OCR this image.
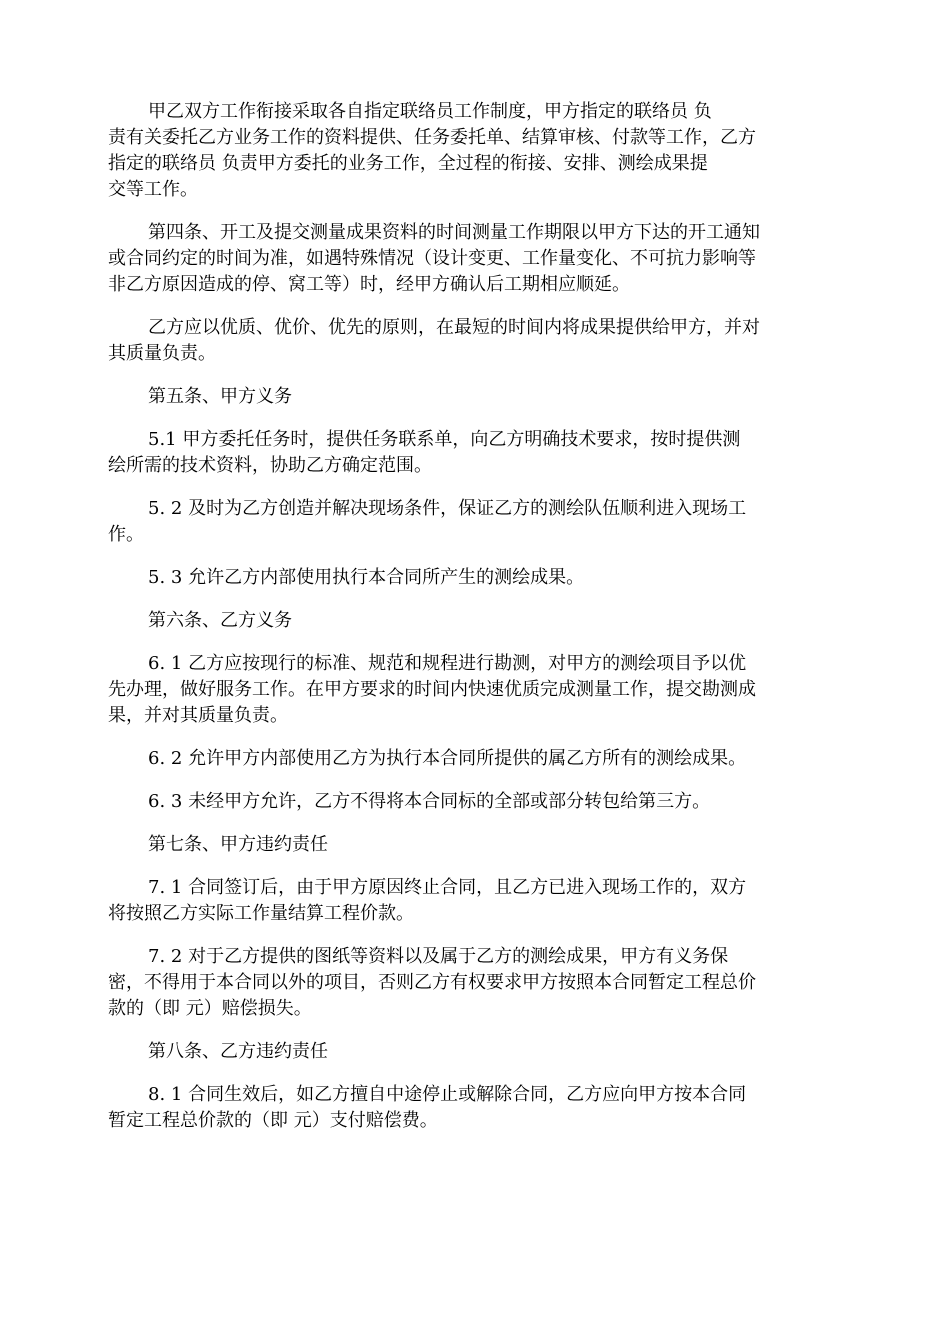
甲乙双方工作衔接采取各自指定联络员工作制度，甲方指定的联络员 负
责有关委托乙方业务工作的资料提供、任务委托单、结算审核、付款等工作，乙方
指定的联络员 负责甲方委托的业务工作，全过程的衔接、安排、测绘成果提
交等工作。
第四条、开工及提交测量成果资料的时间测量工作期限以甲方下达的开工通知
或合同约定的时间为准，如遇特殊情况（设计变更、工作量变化、不可抗力影响等
非乙方原因造成的停、窝工等）时，经甲方确认后工期相应顺延。
乙方应以优质、优价、优先的原则，在最短的时间内将成果提供给甲方，并对
其质量负责。
第五条、甲方义务
5.1 甲方委托任务时，提供任务联系单，向乙方明确技术要求，按时提供测
绘所需的技术资料，协助乙方确定范围。
5. 2 及时为乙方创造并解决现场条件，保证乙方的测绘队伍顺利进入现场工
作。
5. 3 允许乙方内部使用执行本合同所产生的测绘成果。
第六条、乙方义务
6. 1 乙方应按现行的标准、规范和规程进行勘测，对甲方的测绘项目予以优
先办理，做好服务工作。在甲方要求的时间内快速优质完成测量工作，提交勘测成
果，并对其质量负责。
6. 2 允许甲方内部使用乙方为执行本合同所提供的属乙方所有的测绘成果。
6. 3 未经甲方允许，乙方不得将本合同标的全部或部分转包给第三方。
第七条、甲方违约责任
7. 1 合同签订后，由于甲方原因终止合同，且乙方已进入现场工作的，双方
将按照乙方实际工作量结算工程价款。
7. 2 对于乙方提供的图纸等资料以及属于乙方的测绘成果，甲方有义务保
密，不得用于本合同以外的项目，否则乙方有权要求甲方按照本合同暂定工程总价
款的（即 元）赔偿损失。
第八条、乙方违约责任
8. 1 合同生效后，如乙方擅自中途停止或解除合同，乙方应向甲方按本合同
暂定工程总价款的（即 元）支付赔偿费。
